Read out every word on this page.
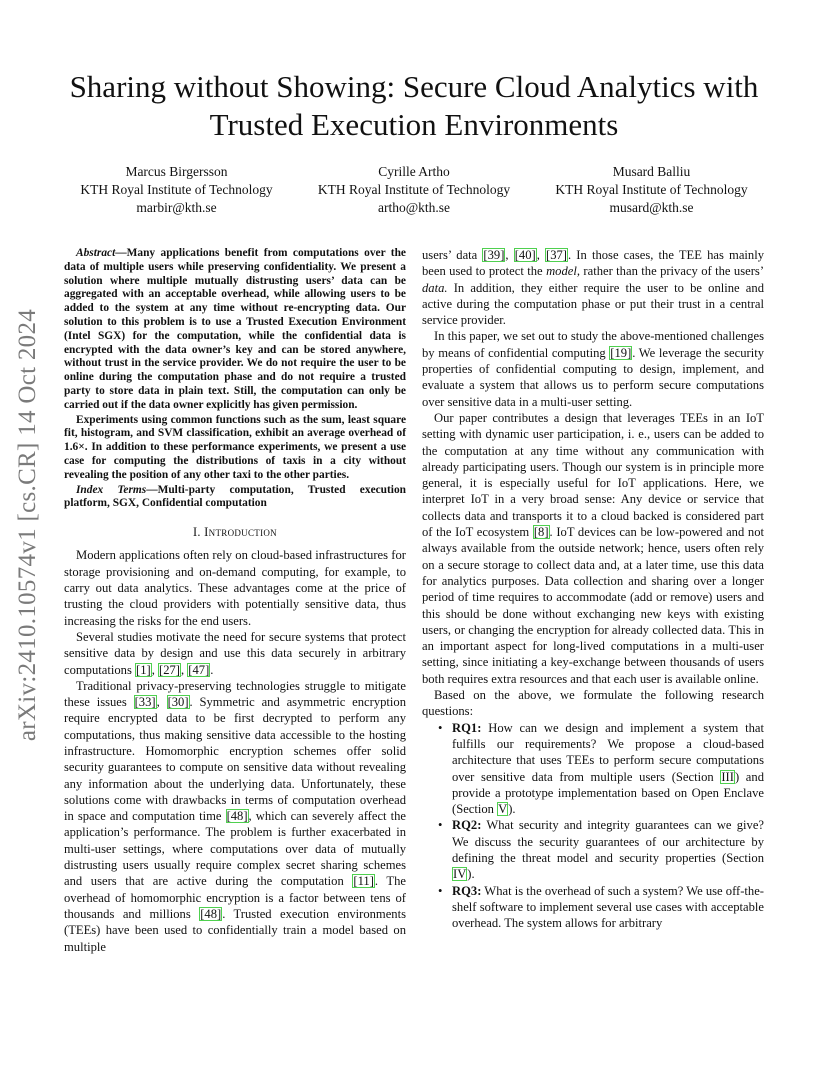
arXiv:2410.10574v1 [cs.CR] 14 Oct 2024
Sharing without Showing: Secure Cloud Analytics with Trusted Execution Environments
Marcus Birgersson
KTH Royal Institute of Technology
marbir@kth.se
Cyrille Artho
KTH Royal Institute of Technology
artho@kth.se
Musard Balliu
KTH Royal Institute of Technology
musard@kth.se

Abstract—Many applications benefit from computations over the data of multiple users while preserving confidentiality. We present a solution where multiple mutually distrusting users’ data can be aggregated with an acceptable overhead, while allowing users to be added to the system at any time without re-encrypting data. Our solution to this problem is to use a Trusted Execution Environment (Intel SGX) for the computation, while the confidential data is encrypted with the data owner’s key and can be stored anywhere, without trust in the service provider. We do not require the user to be online during the computation phase and do not require a trusted party to store data in plain text. Still, the computation can only be carried out if the data owner explicitly has given permission.

Experiments using common functions such as the sum, least square fit, histogram, and SVM classification, exhibit an average overhead of 1.6×. In addition to these performance experiments, we present a use case for computing the distributions of taxis in a city without revealing the position of any other taxi to the other parties.

Index Terms—Multi-party computation, Trusted execution platform, SGX, Confidential computation

I. Introduction

Modern applications often rely on cloud-based infrastructures for storage provisioning and on-demand computing, for example, to carry out data analytics. These advantages come at the price of trusting the cloud providers with potentially sensitive data, thus increasing the risks for the end users.

Several studies motivate the need for secure systems that protect sensitive data by design and use this data securely in arbitrary computations [1], [27], [47].

Traditional privacy-preserving technologies struggle to mitigate these issues [33], [30]. Symmetric and asymmetric encryption require encrypted data to be first decrypted to perform any computations, thus making sensitive data accessible to the hosting infrastructure. Homomorphic encryption schemes offer solid security guarantees to compute on sensitive data without revealing any information about the underlying data. Unfortunately, these solutions come with drawbacks in terms of computation overhead in space and computation time [48], which can severely affect the application’s performance. The problem is further exacerbated in multi-user settings, where computations over data of mutually distrusting users usually require complex secret sharing schemes and users that are active during the computation [11]. The overhead of homomorphic encryption is a factor between tens of thousands and millions [48]. Trusted execution environments (TEEs) have been used to confidentially train a model based on multiple

users’ data [39], [40], [37]. In those cases, the TEE has mainly been used to protect the model, rather than the privacy of the users’ data. In addition, they either require the user to be online and active during the computation phase or put their trust in a central service provider.

In this paper, we set out to study the above-mentioned challenges by means of confidential computing [19]. We leverage the security properties of confidential computing to design, implement, and evaluate a system that allows us to perform secure computations over sensitive data in a multi-user setting.

Our paper contributes a design that leverages TEEs in an IoT setting with dynamic user participation, i. e., users can be added to the computation at any time without any communication with already participating users. Though our system is in principle more general, it is especially useful for IoT applications. Here, we interpret IoT in a very broad sense: Any device or service that collects data and transports it to a cloud backed is considered part of the IoT ecosystem [8]. IoT devices can be low-powered and not always available from the outside network; hence, users often rely on a secure storage to collect data and, at a later time, use this data for analytics purposes. Data collection and sharing over a longer period of time requires to accommodate (add or remove) users and this should be done without exchanging new keys with existing users, or changing the encryption for already collected data. This in an important aspect for long-lived computations in a multi-user setting, since initiating a key-exchange between thousands of users both requires extra resources and that each user is available online.

Based on the above, we formulate the following research questions:

• RQ1: How can we design and implement a system that fulfills our requirements? We propose a cloud-based architecture that uses TEEs to perform secure computations over sensitive data from multiple users (Section III) and provide a prototype implementation based on Open Enclave (Section V).
• RQ2: What security and integrity guarantees can we give? We discuss the security guarantees of our architecture by defining the threat model and security properties (Section IV).
• RQ3: What is the overhead of such a system? We use off-the-shelf software to implement several use cases with acceptable overhead. The system allows for arbitrary
